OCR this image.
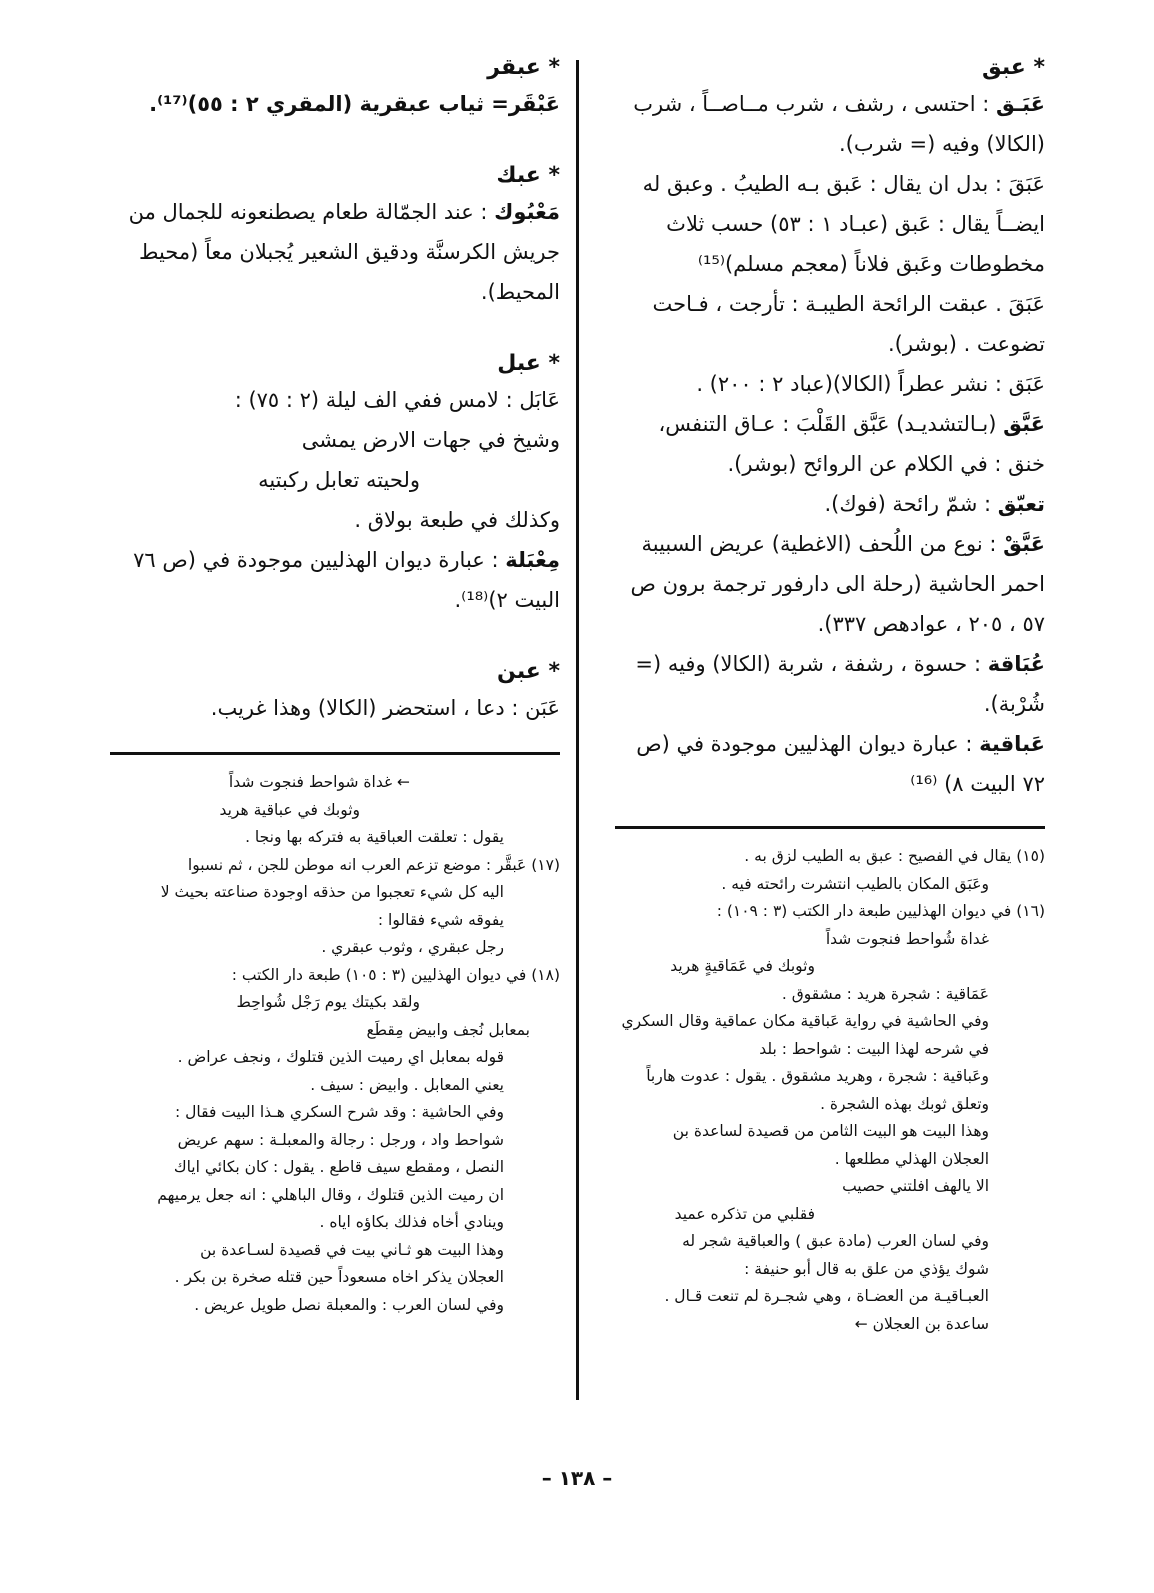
* عبق

عَبَـق : احتسى ، رشف ، شرب مــاصــاً ، شرب (الكالا) وفيه (= شرب).

عَبَقَ : بدل ان يقال : عَبق بـه الطيبُ . وعبق له ايضــاً يقال : عَبق (عبـاد ١ : ٥٣) حسب ثلاث مخطوطات وعَبق فلاناً (معجم مسلم)⁽¹⁵⁾

عَبَقَ . عبقت الرائحة الطيبـة : تأرجت ، فـاحت تضوعت . (بوشر).

عَبَق : نشر عطراً (الكالا)(عباد ٢ : ٢٠٠) .

عَبَّق (بـالتشديـد) عَبَّق القَلْبَ : عـاق التنفس، خنق : في الكلام عن الروائح (بوشر).

تعبّق : شمّ رائحة (فوك).

عَبَّقْ : نوع من اللُحف (الاغطية) عريض السبيبة احمر الحاشية (رحلة الى دارفور ترجمة برون ص ٥٧ ، ٢٠٥ ، عوادهص ٣٣٧).

عُبَاقة : حسوة ، رشفة ، شربة (الكالا) وفيه (= شُرْبة).

عَباقية : عبارة ديوان الهذليين موجودة في (ص ٧٢ البيت ٨) ⁽¹⁶⁾

(١٥) يقال في الفصيح : عبق به الطيب لزق به .

وعَبَق المكان بالطيب انتشرت رائحته فيه .

(١٦) في ديوان الهذليين طبعة دار الكتب (٣ : ١٠٩) :

غداة شُواحط فنجوت شداً

وثوبك في عَمَاقيةٍ هريد

عَمَاقية : شجرة هريد : مشقوق .

وفي الحاشية في رواية عَباقية مكان عماقية وقال السكري

في شرحه لهذا البيت : شواحط : بلد

وعَباقية : شجرة ، وهريد مشقوق . يقول : عدوت هارباً

وتعلق ثوبك بهذه الشجرة .

وهذا البيت هو البيت الثامن من قصيدة لساعدة بن

العجلان الهذلي مطلعها .

الا يالهف افلتني حصيب

فقلبي من تذكره عميد

وفي لسان العرب (مادة عبق ) والعباقية شجر له

شوك يؤذي من علق به قال أبو حنيفة :

العبـاقيـة من العضـاة ، وهي شجـرة لم تنعت قـال .

ساعدة بن العجلان ←

* عبقر

عَبْقَر= ثياب عبقرية (المقري ٢ : ٥٥)⁽¹⁷⁾.

* عبك

مَعْبُوك : عند الجمّالة طعام يصطنعونه للجمال من جريش الكرسنَّة ودقيق الشعير يُجبلان معاً (محيط المحيط).

* عبل

عَابَل : لامس ففي الف ليلة (٢ : ٧٥) :

وشيخ في جهات الارض يمشى

ولحيته تعابل ركبتيه

وكذلك في طبعة بولاق .

مِعْبَلة : عبارة ديوان الهذليين موجودة في (ص ٧٦ البيت ٢)⁽¹⁸⁾.

* عبن

عَبَن : دعا ، استحضر (الكالا) وهذا غريب.

← غداة شواحط فنجوت شداً

وثوبك في عباقية هريد

يقول : تعلقت العباقية به فتركه بها ونجا .

(١٧) عَبقَّر : موضع تزعم العرب انه موطن للجن ، ثم نسبوا

اليه كل شيء تعجبوا من حذقه اوجودة صناعته بحيث لا

يفوقه شيء فقالوا :

رجل عبقري ، وثوب عبقري .

(١٨) في ديوان الهذليين (٣ : ١٠٥) طبعة دار الكتب :

ولقد بكيتك يوم رَجْل شُواحِط

بمعابل نُجف وابيض مِقطَع

قوله بمعابل اي رميت الذين قتلوك ، ونجف عراض .

يعني المعابل . وابيض : سيف .

وفي الحاشية : وقد شرح السكري هـذا البيت فقال :

شواحط واد ، ورجل : رجالة والمعبلـة : سهم عريض

النصل ، ومقطع سيف قاطع . يقول : كان بكائي اياك

ان رميت الذين قتلوك ، وقال الباهلي : انه جعل يرميهم

وينادي أخاه فذلك بكاؤه اياه .

وهذا البيت هو ثـاني بيت في قصيدة لسـاعدة بن

العجلان يذكر اخاه مسعوداً حين قتله صخرة بن بكر .

وفي لسان العرب : والمعبلة نصل طويل عريض .

– ١٣٨ –
